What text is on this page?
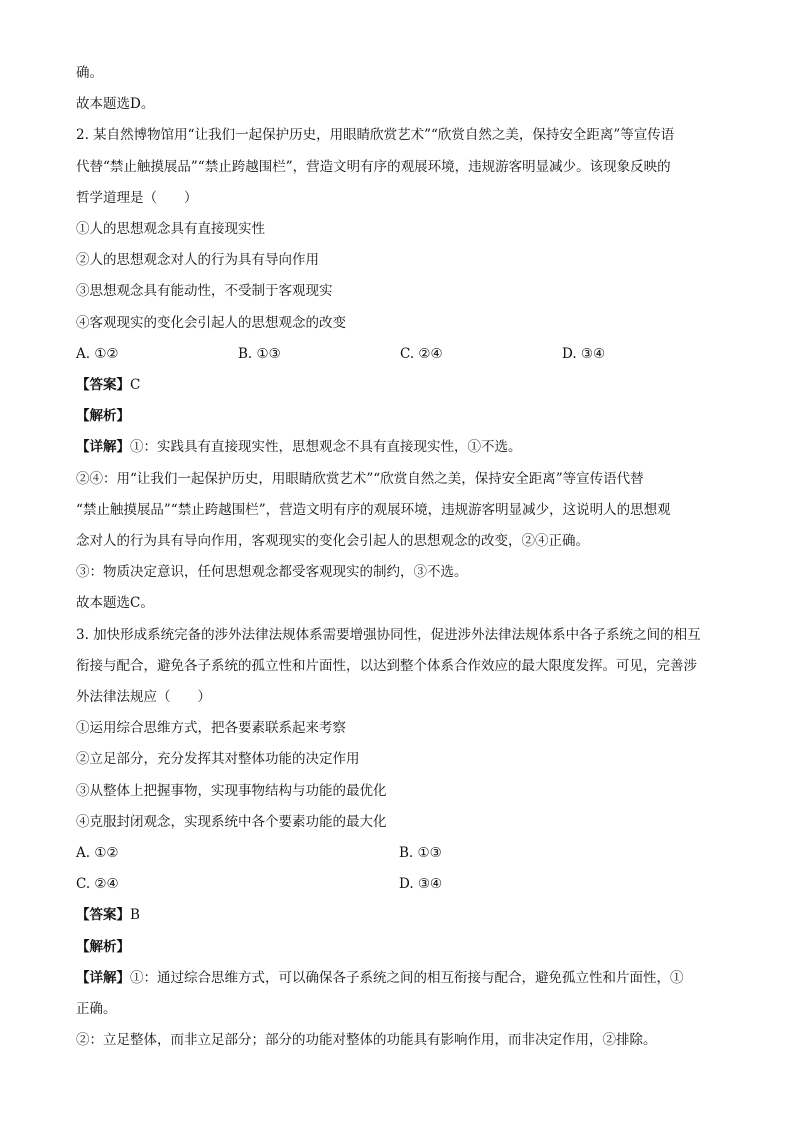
确。
故本题选D。
2. 某自然博物馆用“让我们一起保护历史，用眼睛欣赏艺术”“欣赏自然之美，保持安全距离”等宣传语
代替“禁止触摸展品”“禁止跨越围栏”，营造文明有序的观展环境，违规游客明显减少。该现象反映的
哲学道理是（　　）
①人的思想观念具有直接现实性
②人的思想观念对人的行为具有导向作用
③思想观念具有能动性，不受制于客观现实
④客观现实的变化会引起人的思想观念的改变
A. ①②	B. ①③	C. ②④	D. ③④
【答案】C
【解析】
【详解】①：实践具有直接现实性，思想观念不具有直接现实性，①不选。
②④：用“让我们一起保护历史，用眼睛欣赏艺术”“欣赏自然之美，保持安全距离”等宣传语代替
“禁止触摸展品”“禁止跨越围栏”，营造文明有序的观展环境，违规游客明显减少，这说明人的思想观
念对人的行为具有导向作用，客观现实的变化会引起人的思想观念的改变，②④正确。
③：物质决定意识，任何思想观念都受客观现实的制约，③不选。
故本题选C。
3. 加快形成系统完备的涉外法律法规体系需要增强协同性，促进涉外法律法规体系中各子系统之间的相互
衔接与配合，避免各子系统的孤立性和片面性，以达到整个体系合作效应的最大限度发挥。可见，完善涉
外法律法规应（　　）
①运用综合思维方式，把各要素联系起来考察
②立足部分，充分发挥其对整体功能的决定作用
③从整体上把握事物，实现事物结构与功能的最优化
④克服封闭观念，实现系统中各个要素功能的最大化
A. ①②	B. ①③
C. ②④	D. ③④
【答案】B
【解析】
【详解】①：通过综合思维方式，可以确保各子系统之间的相互衔接与配合，避免孤立性和片面性，①
正确。
②：立足整体，而非立足部分；部分的功能对整体的功能具有影响作用，而非决定作用，②排除。
